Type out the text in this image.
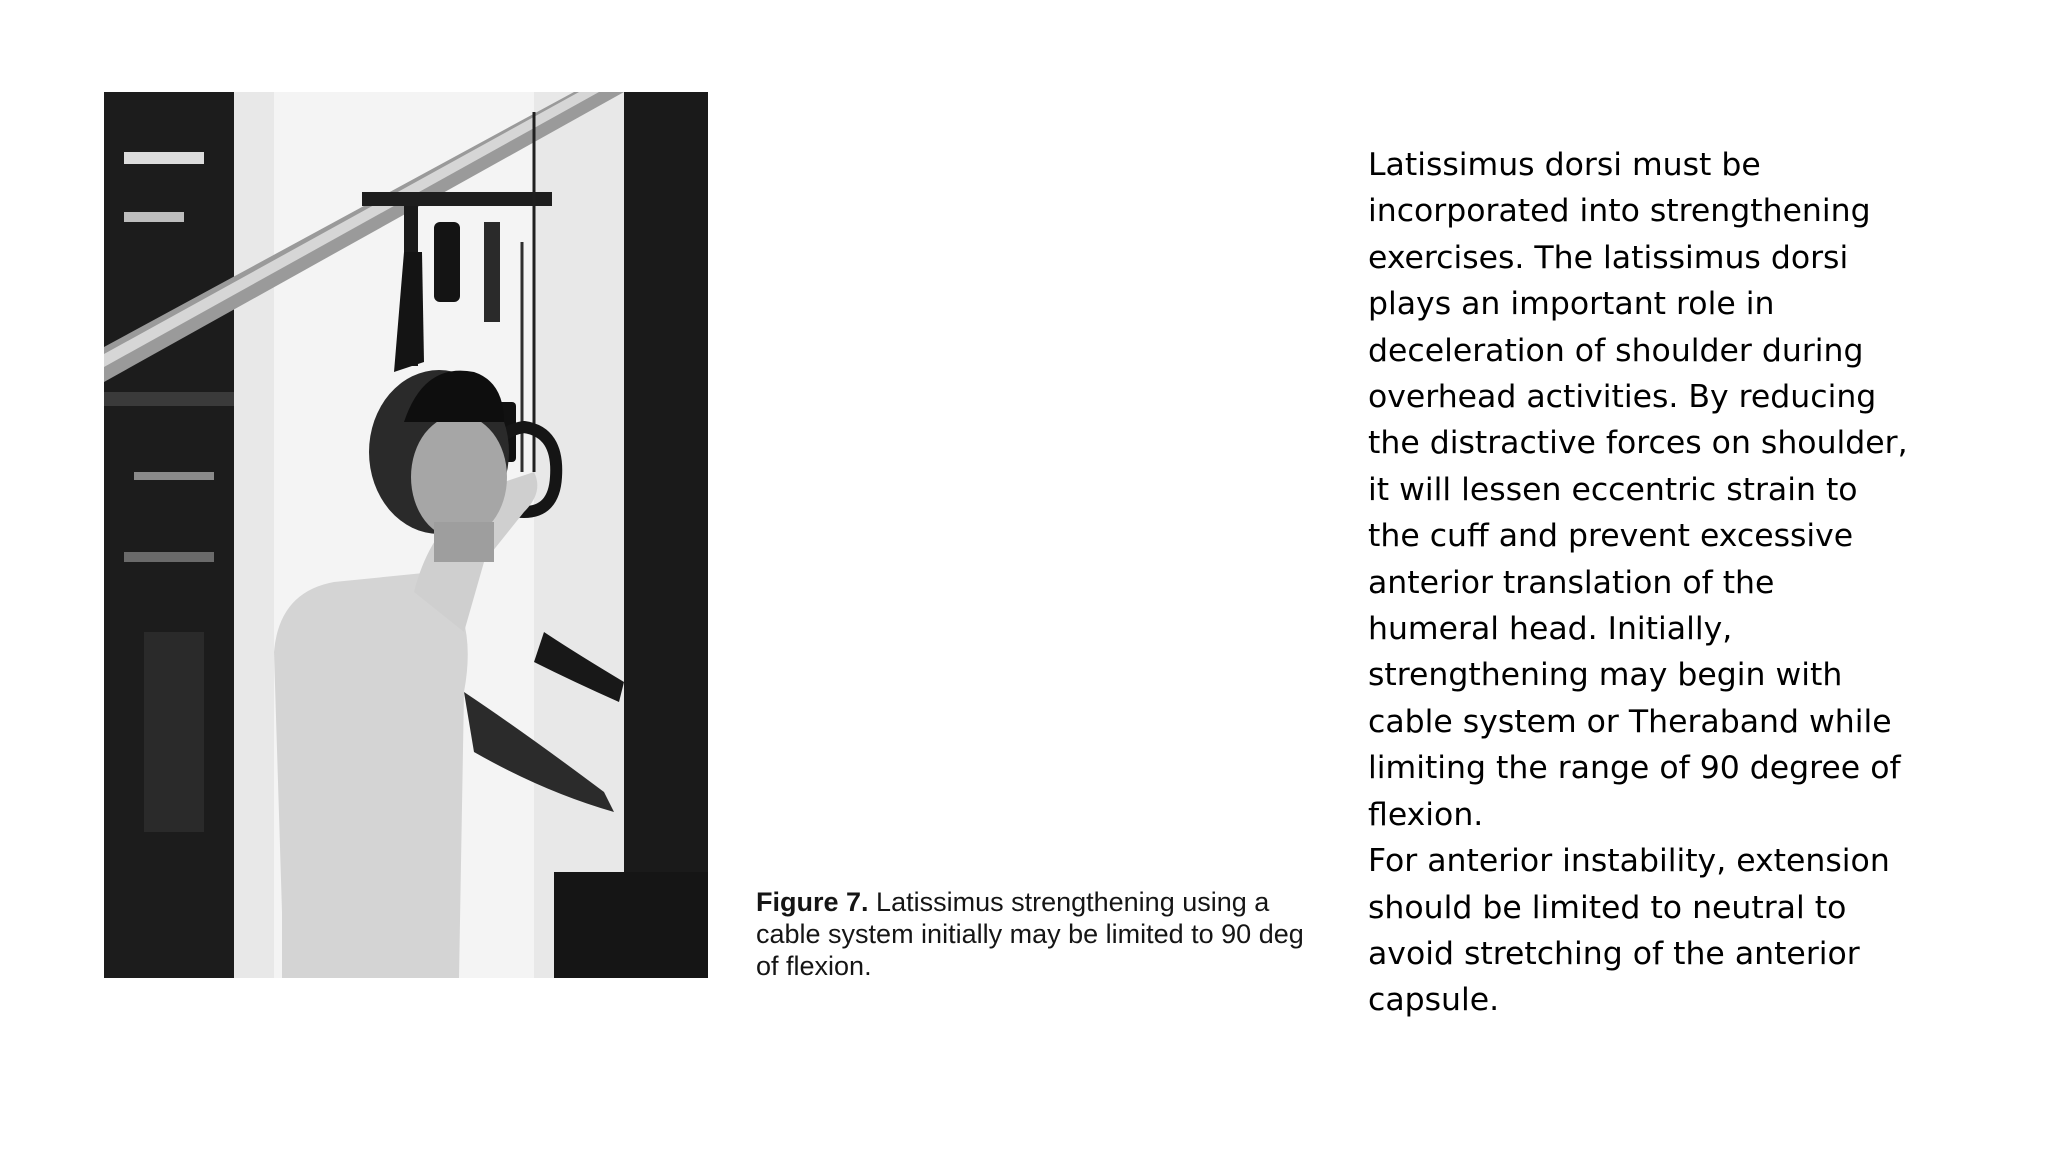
Figure 7. Latissimus strengthening using a cable system initially may be limited to 90 deg of flexion.

Latissimus dorsi must be incorporated into strengthening exercises. The latissimus dorsi plays an important role in deceleration of shoulder during overhead activities. By reducing the distractive forces on shoulder, it will lessen eccentric strain to the cuff and prevent excessive anterior translation of the humeral head. Initially, strengthening may begin with cable system or Theraband while limiting the range of 90 degree of flexion.

For anterior instability, extension should be limited to neutral to avoid stretching of the anterior capsule.
